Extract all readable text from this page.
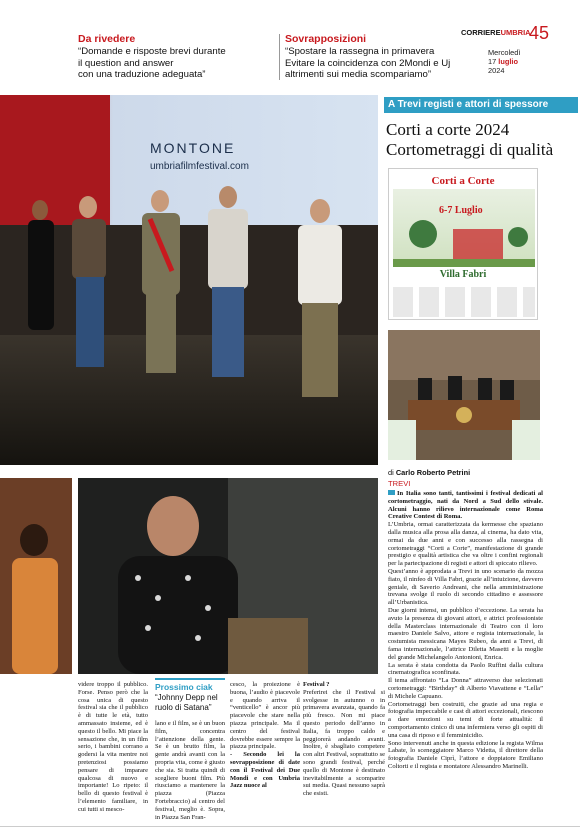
Da rivedere
“Domande e risposte brevi durante
il question and answer
con una traduzione adeguata”
Sovrapposizioni
“Spostare la rassegna in primavera
Evitare la coincidenza con 2Mondi e Uj
altrimenti sui media scompariamo”
CORRIEREUMBRIA
45
Mercoledì
17 luglio
2024
MONTONE
umbriafilmfestival.com
A Trevi registi e attori di spessore
Corti a corte 2024
Cortometraggi di qualità
Corti a Corte
6-7 Luglio
Villa Fabri
di Carlo Roberto Petrini
TREVI

In Italia sono tanti, tantissimi i festival dedicati al cortometraggio, nati da Nord a Sud dello stivale. Alcuni hanno rilievo internazionale come Roma Creative Contest di Roma.

L’Umbria, ormai caratterizzata da kermesse che spaziano dalla musica alla prosa alla danza, al cinema, ha dato vita, ormai da due anni e con successo alla rassegna di cortometraggi “Corti a Corte”, manifestazione di grande prestigio e qualità artistica che va oltre i confini regionali per la partecipazione di registi e attori di spiccato rilievo.

Quest’anno è approdata a Trevi in uno scenario da mozza fiato, il ninfeo di Villa Fabri, grazie all’intuizione, davvero geniale, di Saverio Andreani, che nella amministrazione trevana svolge il ruolo di secondo cittadino e assessore all’Urbanistica.

Due giorni intensi, un pubblico d’eccezione. La serata ha avuto la presenza di giovani attori, e attrici professioniste della Masterclass internazionale di Teatro con il loro maestro Daniele Salvo, attore e regista internazionale, la costumista messicana Mayes Rubeo, da anni a Trevi, di fama internazionale, l’attrice Diletta Masetti e la moglie del grande Michelangelo Antonioni, Enrica.

La serata è stata condotta da Paolo Ruffini dalla cultura cinematografica sconfinata.

Il tema affrontato “La Donna” attraverso due selezionati cortometraggi: “Birthday” di Alberto Viavattene e “Lella” di Michele Capuano.

Cortometraggi ben costruiti, che grazie ad una regia e fotografia impeccabile e cast di attori eccezionali, riescono a dare emozioni su temi di forte attualità: il comportamento cinico di una infermiera verso gli ospiti di una casa di riposo e il femminicidio.

Sono intervenuti anche in questa edizione la regista Wilma Labate, lo sceneggiatore Marco Videtta, il direttore della fotografia Daniele Ciprì, l’attore e doppiatore Emiliano Coltorti e il regista e montatore Alessandro Marinelli.

videre troppo il pubblico. Forse. Penso però che la cosa unica di questo festival sia che il pubblico è di tutte le età, tutto ammassato insieme, ed è questo il bello. Mi piace la sensazione che, in un film serio, i bambini corrano a godersi la vita mentre noi pretenziosi possiamo pensare di imparare qualcosa di nuovo e importante! Lo ripeto: il bello di questo festival è l’elemento familiare, in cui tutti si mesco-

lano e il film, se è un buon film, concentra l’attenzione della gente. Se è un brutto film, la gente andrà avanti con la propria vita, come è giusto che sia. Si tratta quindi di scegliere buoni film. Più riusciamo a mantenere la piazza (Piazza Fortebraccio) al centro del festival, meglio è. Sopra, in Piazza San Fran-

Prossimo ciak
“Johnny Depp nel ruolo di Satana”

cesco, la proiezione è buona, l’audio è piacevole e quando arriva il “venticello” è ancor più piacevole che stare nella piazza principale. Ma il centro del festival dovrebbe essere sempre la piazza principale.

- Secondo lei la sovrapposizione di date con il Festival dei Due Mondi e con Umbria Jazz nuoce al

Festival ?

Preferirei che il Festival si svolgesse in autunno o in primavera avanzata, quando fa più fresco. Non mi piace questo periodo dell’anno in Italia, fa troppo caldo e peggiorerà andando avanti. Inoltre, è sbagliato competere con altri Festival, soprattutto se sono grandi festival, perché quello di Montone è destinato inevitabilmente a scomparire sui media. Quasi nessuno saprà che esisti.
